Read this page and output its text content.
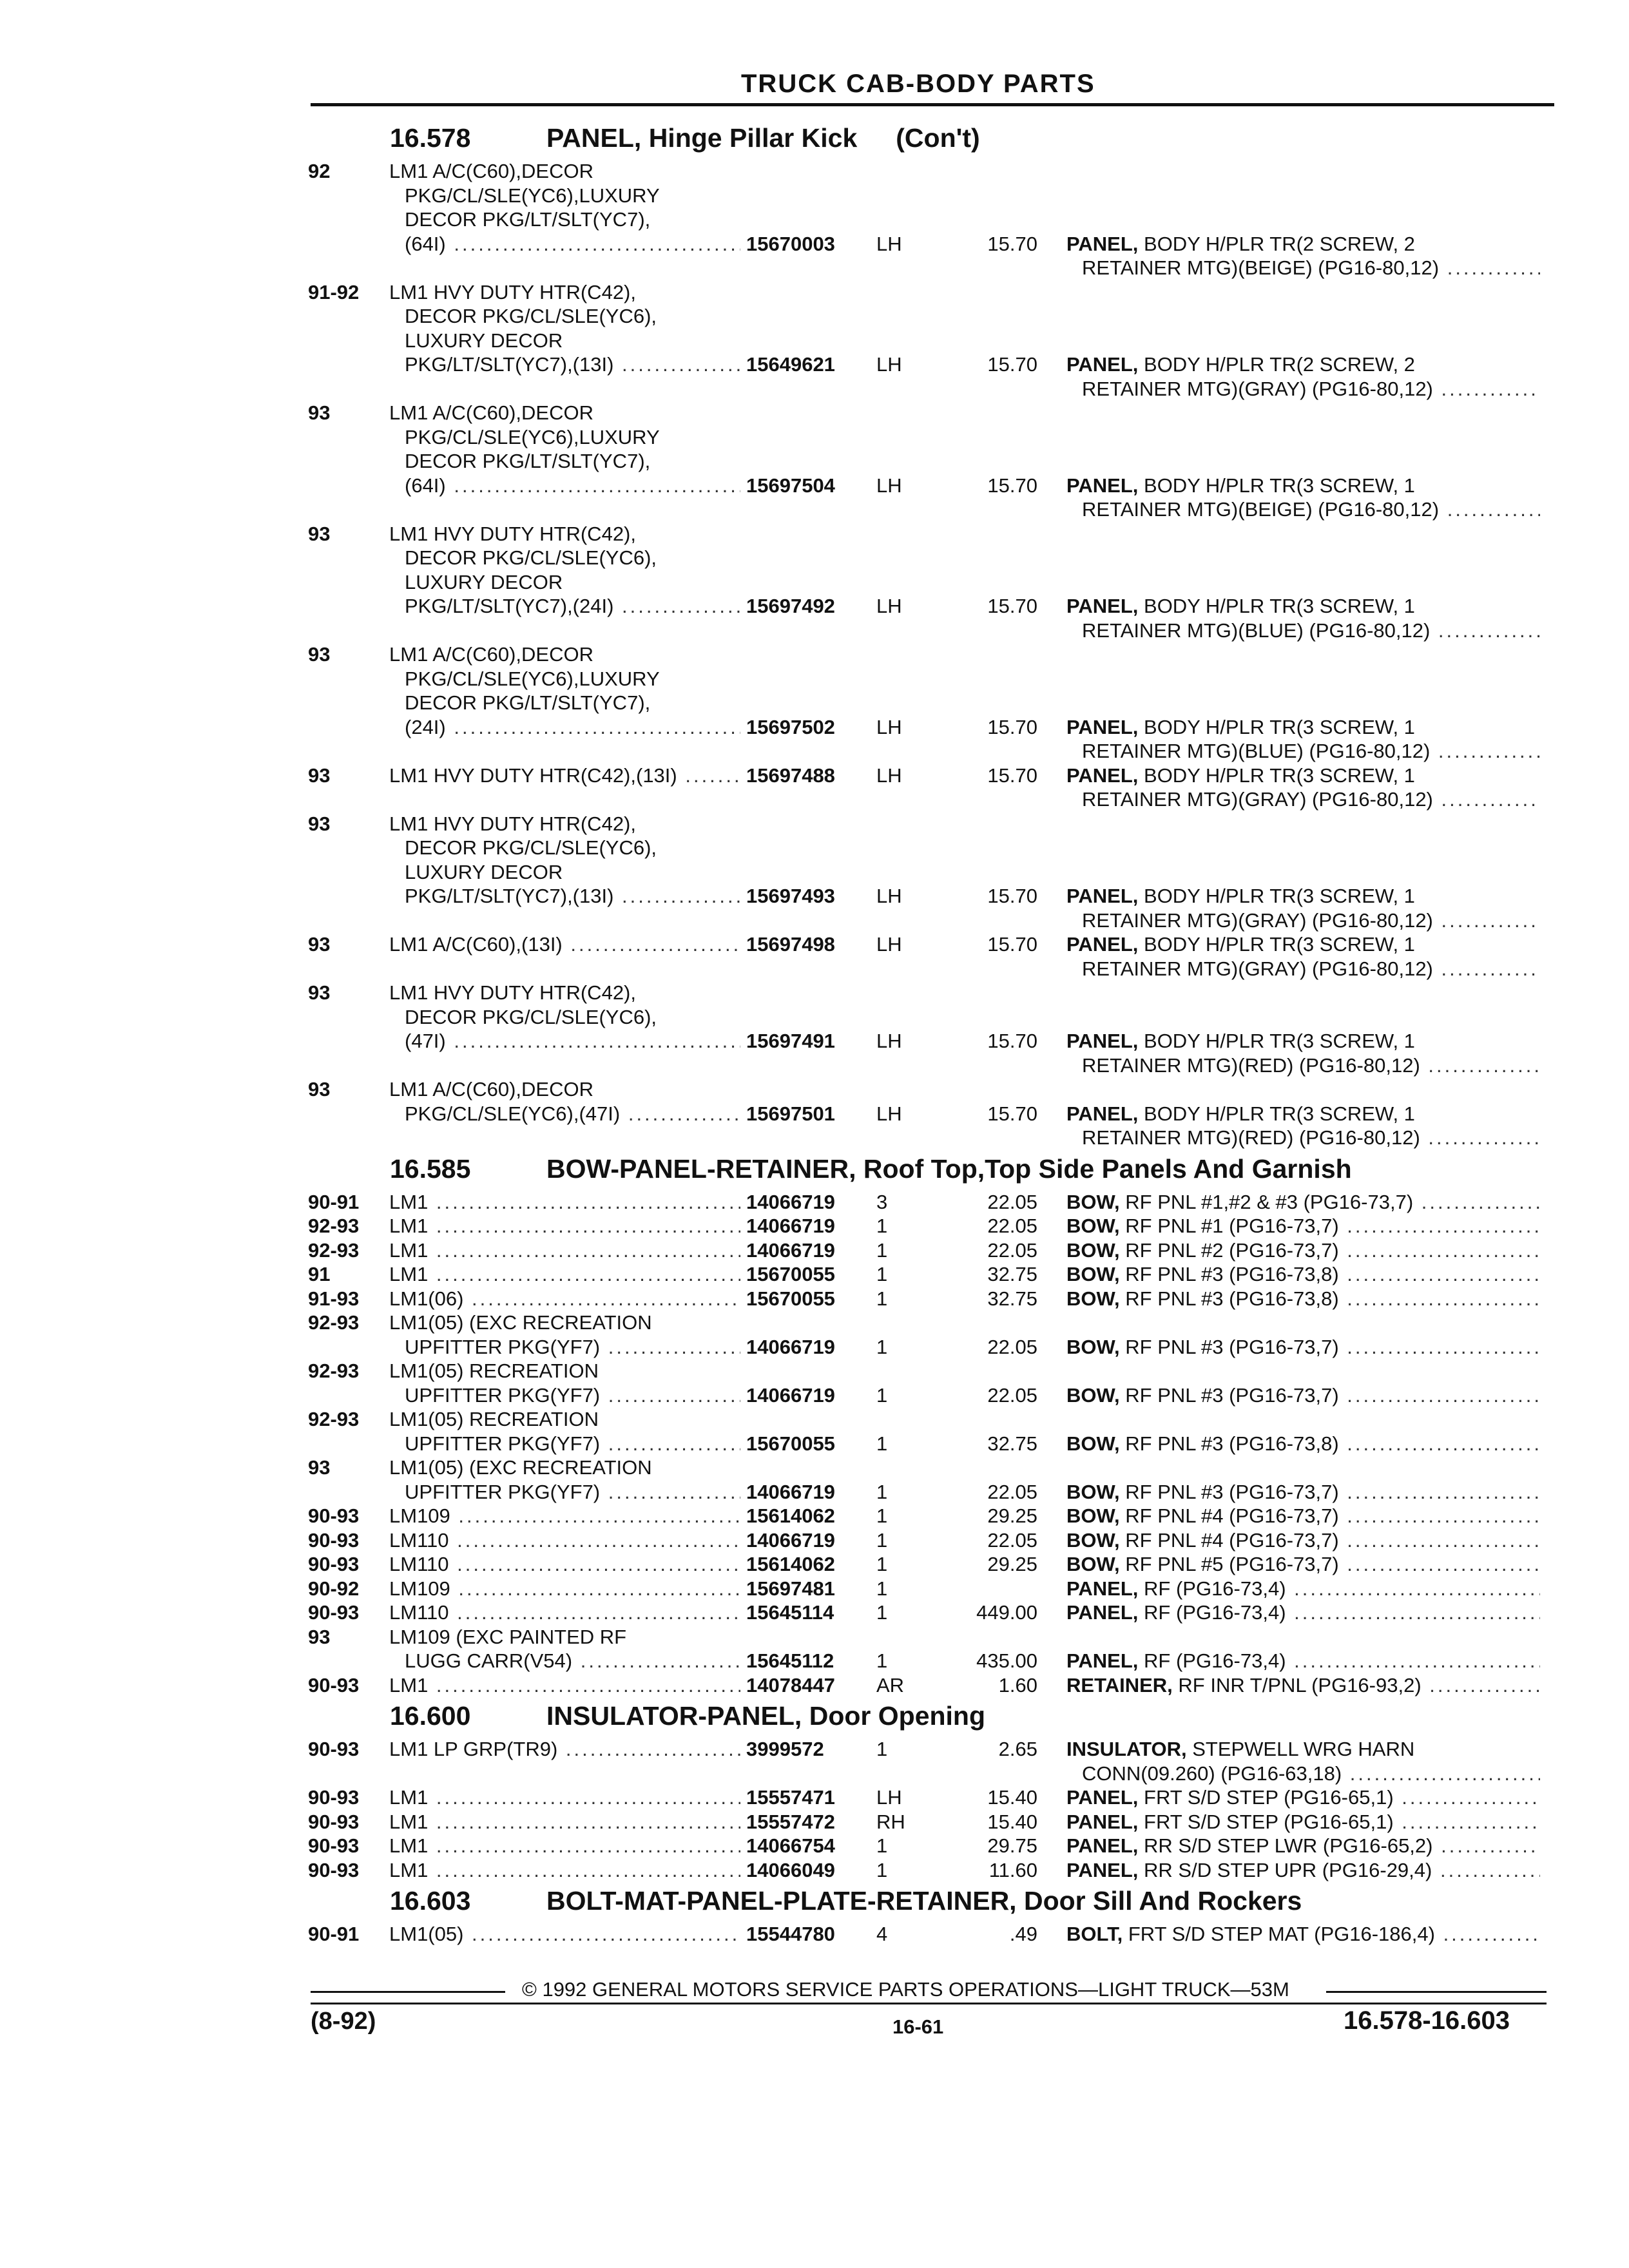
TRUCK CAB-BODY PARTS
16.578	PANEL, Hinge Pillar Kick (Con't)
92	LM1 A/C(C60),DECOR
PKG/CL/SLE(YC6),LUXURY
DECOR PKG/LT/SLT(YC7),
(64I) .....	15670003 LH	15.70 PANEL, BODY H/PLR TR(2 SCREW, 2
RETAINER MTG)(BEIGE) (PG16-80,12) .....
91-92 LM1 HVY DUTY HTR(C42),
DECOR PKG/CL/SLE(YC6),
LUXURY DECOR
PKG/LT/SLT(YC7),(13I) .....	15649621 LH	15.70 PANEL, BODY H/PLR TR(2 SCREW, 2
RETAINER MTG)(GRAY) (PG16-80,12) .....
93	LM1 A/C(C60),DECOR
PKG/CL/SLE(YC6),LUXURY
DECOR PKG/LT/SLT(YC7),
(64I) .....	15697504 LH	15.70 PANEL, BODY H/PLR TR(3 SCREW, 1
RETAINER MTG)(BEIGE) (PG16-80,12) .....
93	LM1 HVY DUTY HTR(C42),
DECOR PKG/CL/SLE(YC6),
LUXURY DECOR
PKG/LT/SLT(YC7),(24I) .....	15697492 LH	15.70 PANEL, BODY H/PLR TR(3 SCREW, 1
RETAINER MTG)(BLUE) (PG16-80,12) .....
93	LM1 A/C(C60),DECOR
PKG/CL/SLE(YC6),LUXURY
DECOR PKG/LT/SLT(YC7),
(24I) .....	15697502 LH	15.70 PANEL, BODY H/PLR TR(3 SCREW, 1
RETAINER MTG)(BLUE) (PG16-80,12) .....
93	LM1 HVY DUTY HTR(C42),(13I) .....	15697488 LH	15.70 PANEL, BODY H/PLR TR(3 SCREW, 1
RETAINER MTG)(GRAY) (PG16-80,12) .....
93	LM1 HVY DUTY HTR(C42),
DECOR PKG/CL/SLE(YC6),
LUXURY DECOR
PKG/LT/SLT(YC7),(13I) .....	15697493 LH	15.70 PANEL, BODY H/PLR TR(3 SCREW, 1
RETAINER MTG)(GRAY) (PG16-80,12) .....
93	LM1 A/C(C60),(13I) .....	15697498 LH	15.70 PANEL, BODY H/PLR TR(3 SCREW, 1
RETAINER MTG)(GRAY) (PG16-80,12) .....
93	LM1 HVY DUTY HTR(C42),
DECOR PKG/CL/SLE(YC6),
(47I) .....	15697491 LH	15.70 PANEL, BODY H/PLR TR(3 SCREW, 1
RETAINER MTG)(RED) (PG16-80,12) .....
93	LM1 A/C(C60),DECOR
PKG/CL/SLE(YC6),(47I) .....	15697501 LH	15.70 PANEL, BODY H/PLR TR(3 SCREW, 1
RETAINER MTG)(RED) (PG16-80,12) .....
16.585	BOW-PANEL-RETAINER, Roof Top,Top Side Panels And Garnish
90-91 LM1 .....	14066719 3	22.05 BOW, RF PNL #1,#2 & #3 (PG16-73,7) .....
92-93 LM1 .....	14066719 1	22.05 BOW, RF PNL #1 (PG16-73,7) .....
92-93 LM1 .....	14066719 1	22.05 BOW, RF PNL #2 (PG16-73,7) .....
91	LM1 .....	15670055 1	32.75 BOW, RF PNL #3 (PG16-73,8) .....
91-93 LM1(06) .....	15670055 1	32.75 BOW, RF PNL #3 (PG16-73,8) .....
92-93 LM1(05) (EXC RECREATION
UPFITTER PKG(YF7) .....	14066719 1	22.05 BOW, RF PNL #3 (PG16-73,7) .....
92-93 LM1(05) RECREATION
UPFITTER PKG(YF7) .....	14066719 1	22.05 BOW, RF PNL #3 (PG16-73,7) .....
92-93 LM1(05) RECREATION
UPFITTER PKG(YF7) .....	15670055 1	32.75 BOW, RF PNL #3 (PG16-73,8) .....
93	LM1(05) (EXC RECREATION
UPFITTER PKG(YF7) .....	14066719 1	22.05 BOW, RF PNL #3 (PG16-73,7) .....
90-93 LM109 .....	15614062 1	29.25 BOW, RF PNL #4 (PG16-73,7) .....
90-93 LM110 .....	14066719 1	22.05 BOW, RF PNL #4 (PG16-73,7) .....
90-93 LM110 .....	15614062 1	29.25 BOW, RF PNL #5 (PG16-73,7) .....
90-92 LM109 .....	15697481 1	PANEL, RF (PG16-73,4) .....
90-93 LM110 .....	15645114 1	449.00 PANEL, RF (PG16-73,4) .....
93	LM109 (EXC PAINTED RF
LUGG CARR(V54) .....	15645112 1	435.00 PANEL, RF (PG16-73,4) .....
90-93 LM1 .....	14078447 AR	1.60 RETAINER, RF INR T/PNL (PG16-93,2) .....
16.600	INSULATOR-PANEL, Door Opening
90-93 LM1 LP GRP(TR9) .....	3999572	1	2.65 INSULATOR, STEPWELL WRG HARN
CONN(09.260) (PG16-63,18) .....
90-93 LM1 .....	15557471 LH	15.40 PANEL, FRT S/D STEP (PG16-65,1) .....
90-93 LM1 .....	15557472 RH	15.40 PANEL, FRT S/D STEP (PG16-65,1) .....
90-93 LM1 .....	14066754 1	29.75 PANEL, RR S/D STEP LWR (PG16-65,2) .....
90-93 LM1 .....	14066049 1	11.60 PANEL, RR S/D STEP UPR (PG16-29,4) .....
16.603	BOLT-MAT-PANEL-PLATE-RETAINER, Door Sill And Rockers
90-91 LM1(05) .....	15544780 4	.49 BOLT, FRT S/D STEP MAT (PG16-186,4) .....
© 1992 GENERAL MOTORS SERVICE PARTS OPERATIONS—LIGHT TRUCK—53M
(8-92)	16-61	16.578-16.603
